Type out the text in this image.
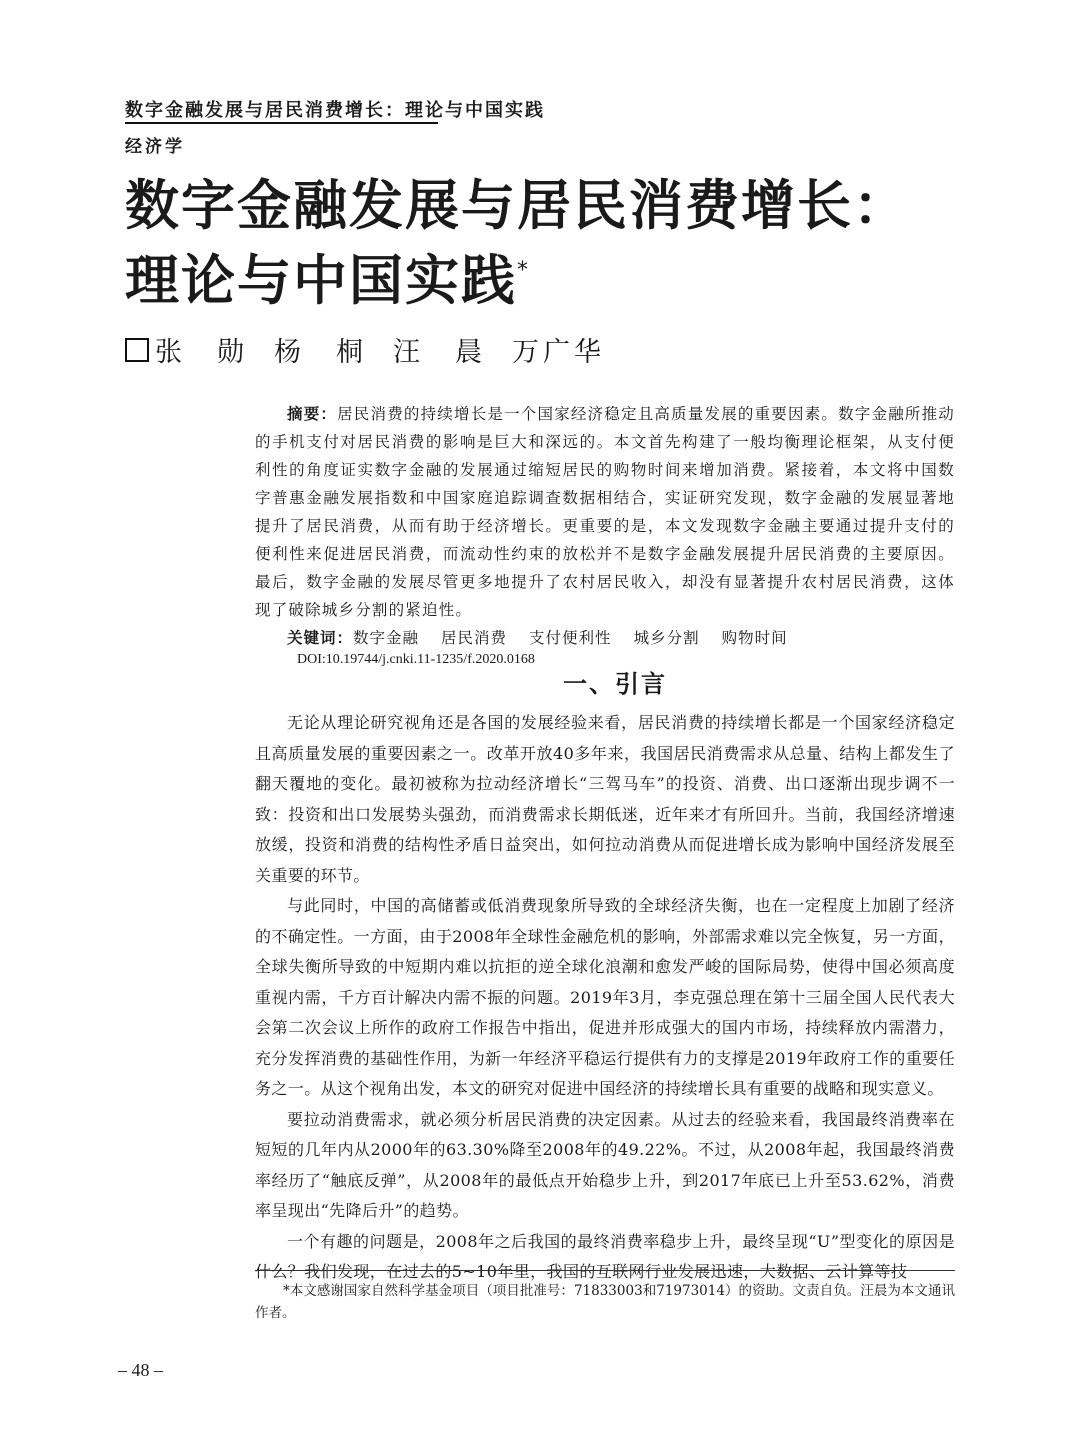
数字金融发展与居民消费增长：理论与中国实践
经济学
数字金融发展与居民消费增长：
理论与中国实践*
张　勋 杨　桐 汪　晨 万广华

摘要：居民消费的持续增长是一个国家经济稳定且高质量发展的重要因素。数字金融所推动的手机支付对居民消费的影响是巨大和深远的。本文首先构建了一般均衡理论框架，从支付便利性的角度证实数字金融的发展通过缩短居民的购物时间来增加消费。紧接着，本文将中国数字普惠金融发展指数和中国家庭追踪调查数据相结合，实证研究发现，数字金融的发展显著地提升了居民消费，从而有助于经济增长。更重要的是，本文发现数字金融主要通过提升支付的便利性来促进居民消费，而流动性约束的放松并不是数字金融发展提升居民消费的主要原因。最后，数字金融的发展尽管更多地提升了农村居民收入，却没有显著提升农村居民消费，这体现了破除城乡分割的紧迫性。

关键词：数字金融 居民消费 支付便利性 城乡分割 购物时间
DOI:10.19744/j.cnki.11-1235/f.2020.0168
一、引言

无论从理论研究视角还是各国的发展经验来看，居民消费的持续增长都是一个国家经济稳定且高质量发展的重要因素之一。改革开放40多年来，我国居民消费需求从总量、结构上都发生了翻天覆地的变化。最初被称为拉动经济增长“三驾马车”的投资、消费、出口逐渐出现步调不一致：投资和出口发展势头强劲，而消费需求长期低迷，近年来才有所回升。当前，我国经济增速放缓，投资和消费的结构性矛盾日益突出，如何拉动消费从而促进增长成为影响中国经济发展至关重要的环节。

与此同时，中国的高储蓄或低消费现象所导致的全球经济失衡，也在一定程度上加剧了经济的不确定性。一方面，由于2008年全球性金融危机的影响，外部需求难以完全恢复，另一方面，全球失衡所导致的中短期内难以抗拒的逆全球化浪潮和愈发严峻的国际局势，使得中国必须高度重视内需，千方百计解决内需不振的问题。2019年3月，李克强总理在第十三届全国人民代表大会第二次会议上所作的政府工作报告中指出，促进并形成强大的国内市场，持续释放内需潜力，充分发挥消费的基础性作用，为新一年经济平稳运行提供有力的支撑是2019年政府工作的重要任务之一。从这个视角出发，本文的研究对促进中国经济的持续增长具有重要的战略和现实意义。

要拉动消费需求，就必须分析居民消费的决定因素。从过去的经验来看，我国最终消费率在短短的几年内从2000年的63.30%降至2008年的49.22%。不过，从2008年起，我国最终消费率经历了“触底反弹”，从2008年的最低点开始稳步上升，到2017年底已上升至53.62%，消费率呈现出“先降后升”的趋势。

一个有趣的问题是，2008年之后我国的最终消费率稳步上升，最终呈现“U”型变化的原因是什么？我们发现，在过去的5~10年里，我国的互联网行业发展迅速，大数据、云计算等技

*本文感谢国家自然科学基金项目（项目批准号：71833003和71973014）的资助。文责自负。汪晨为本文通讯作者。

– 48 –
